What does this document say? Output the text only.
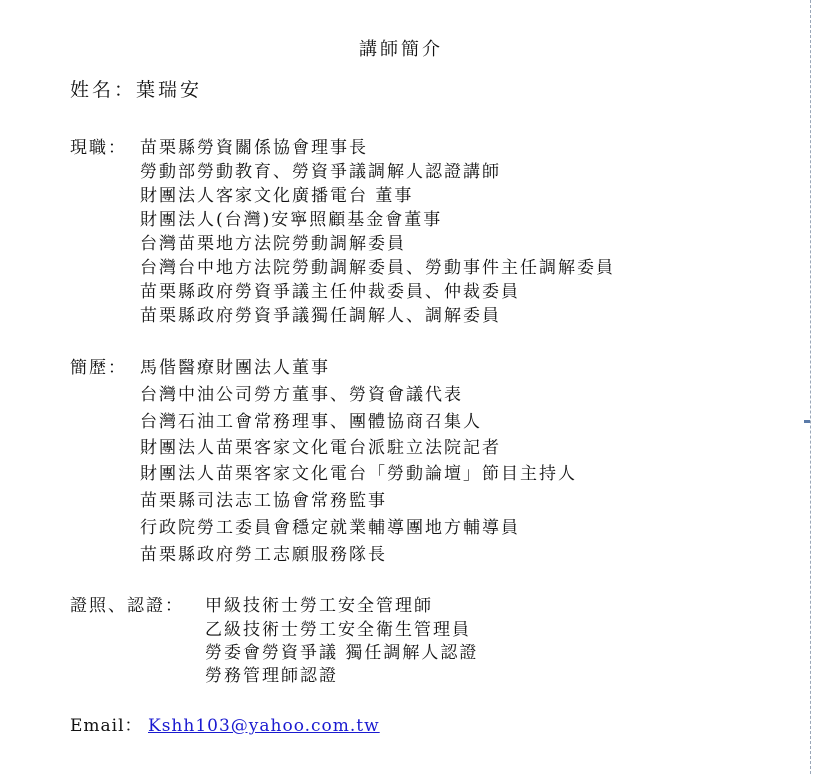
講師簡介
姓名：葉瑞安
現職： 苗栗縣勞資關係協會理事長
勞動部勞動教育、勞資爭議調解人認證講師
財團法人客家文化廣播電台 董事
財團法人(台灣)安寧照顧基金會董事
台灣苗栗地方法院勞動調解委員
台灣台中地方法院勞動調解委員、勞動事件主任調解委員
苗栗縣政府勞資爭議主任仲裁委員、仲裁委員
苗栗縣政府勞資爭議獨任調解人、調解委員
簡歷： 馬偕醫療財團法人董事
台灣中油公司勞方董事、勞資會議代表
台灣石油工會常務理事、團體協商召集人
財團法人苗栗客家文化電台派駐立法院記者
財團法人苗栗客家文化電台「勞動論壇」節目主持人
苗栗縣司法志工協會常務監事
行政院勞工委員會穩定就業輔導團地方輔導員
苗栗縣政府勞工志願服務隊長
證照、認證： 甲級技術士勞工安全管理師
乙級技術士勞工安全衛生管理員
勞委會勞資爭議 獨任調解人認證
勞務管理師認證
Email： Kshh103@yahoo.com.tw
